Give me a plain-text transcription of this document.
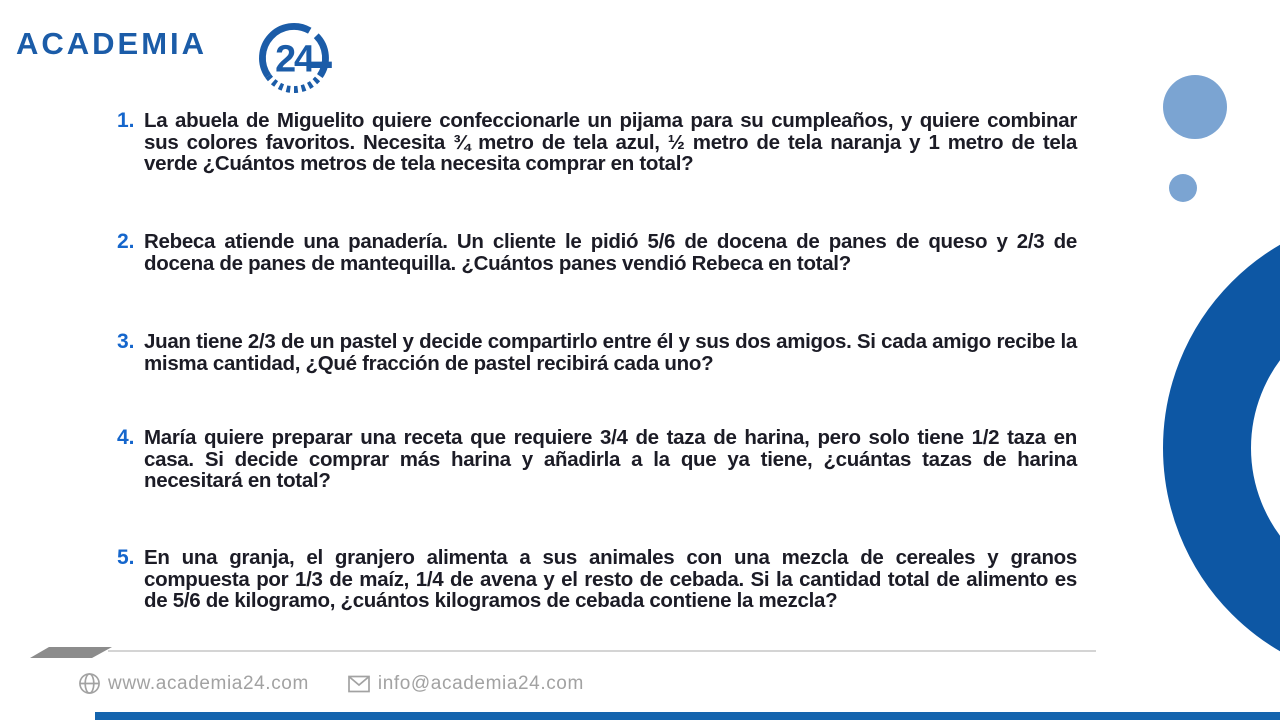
ACADEMIA 24
1. La abuela de Miguelito quiere confeccionarle un pijama para su cumpleaños, y quiere combinar sus colores favoritos. Necesita ¾ metro de tela azul, ½ metro de tela naranja y 1 metro de tela verde ¿Cuántos metros de tela necesita comprar en total?
2. Rebeca atiende una panadería. Un cliente le pidió 5/6 de docena de panes de queso y 2/3 de docena de panes de mantequilla. ¿Cuántos panes vendió Rebeca en total?
3. Juan tiene 2/3 de un pastel y decide compartirlo entre él y sus dos amigos. Si cada amigo recibe la misma cantidad, ¿Qué fracción de pastel recibirá cada uno?
4. María quiere preparar una receta que requiere 3/4 de taza de harina, pero solo tiene 1/2 taza en casa. Si decide comprar más harina y añadirla a la que ya tiene, ¿cuántas tazas de harina necesitará en total?
5. En una granja, el granjero alimenta a sus animales con una mezcla de cereales y granos compuesta por 1/3 de maíz, 1/4 de avena y el resto de cebada. Si la cantidad total de alimento es de 5/6 de kilogramo, ¿cuántos kilogramos de cebada contiene la mezcla?
www.academia24.com	info@academia24.com
